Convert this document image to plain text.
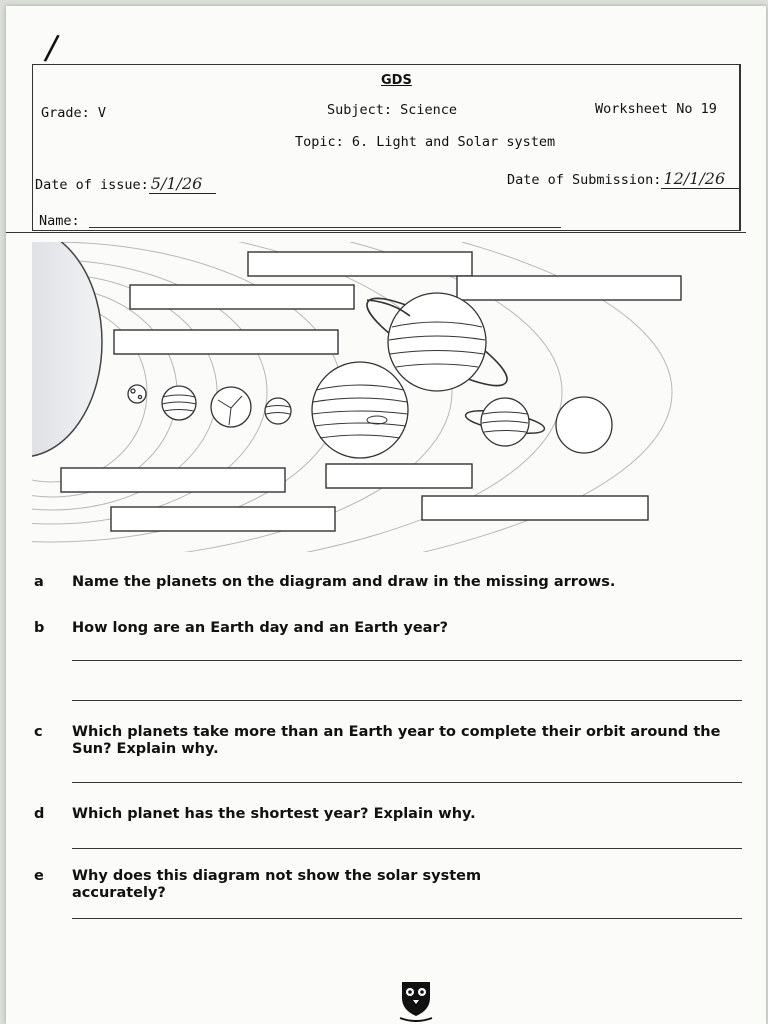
/
GDS
Grade: V	Subject: Science	Worksheet No 19
Topic: 6. Light and Solar system
Date of issue: 5/1/26	Date of Submission: 12/1/26
Name:
a	Name the planets on the diagram and draw in the missing arrows.
b	How long are an Earth day and an Earth year?
c	Which planets take more than an Earth year to complete their orbit around the Sun? Explain why.
d	Which planet has the shortest year? Explain why.
e	Why does this diagram not show the solar system accurately?
